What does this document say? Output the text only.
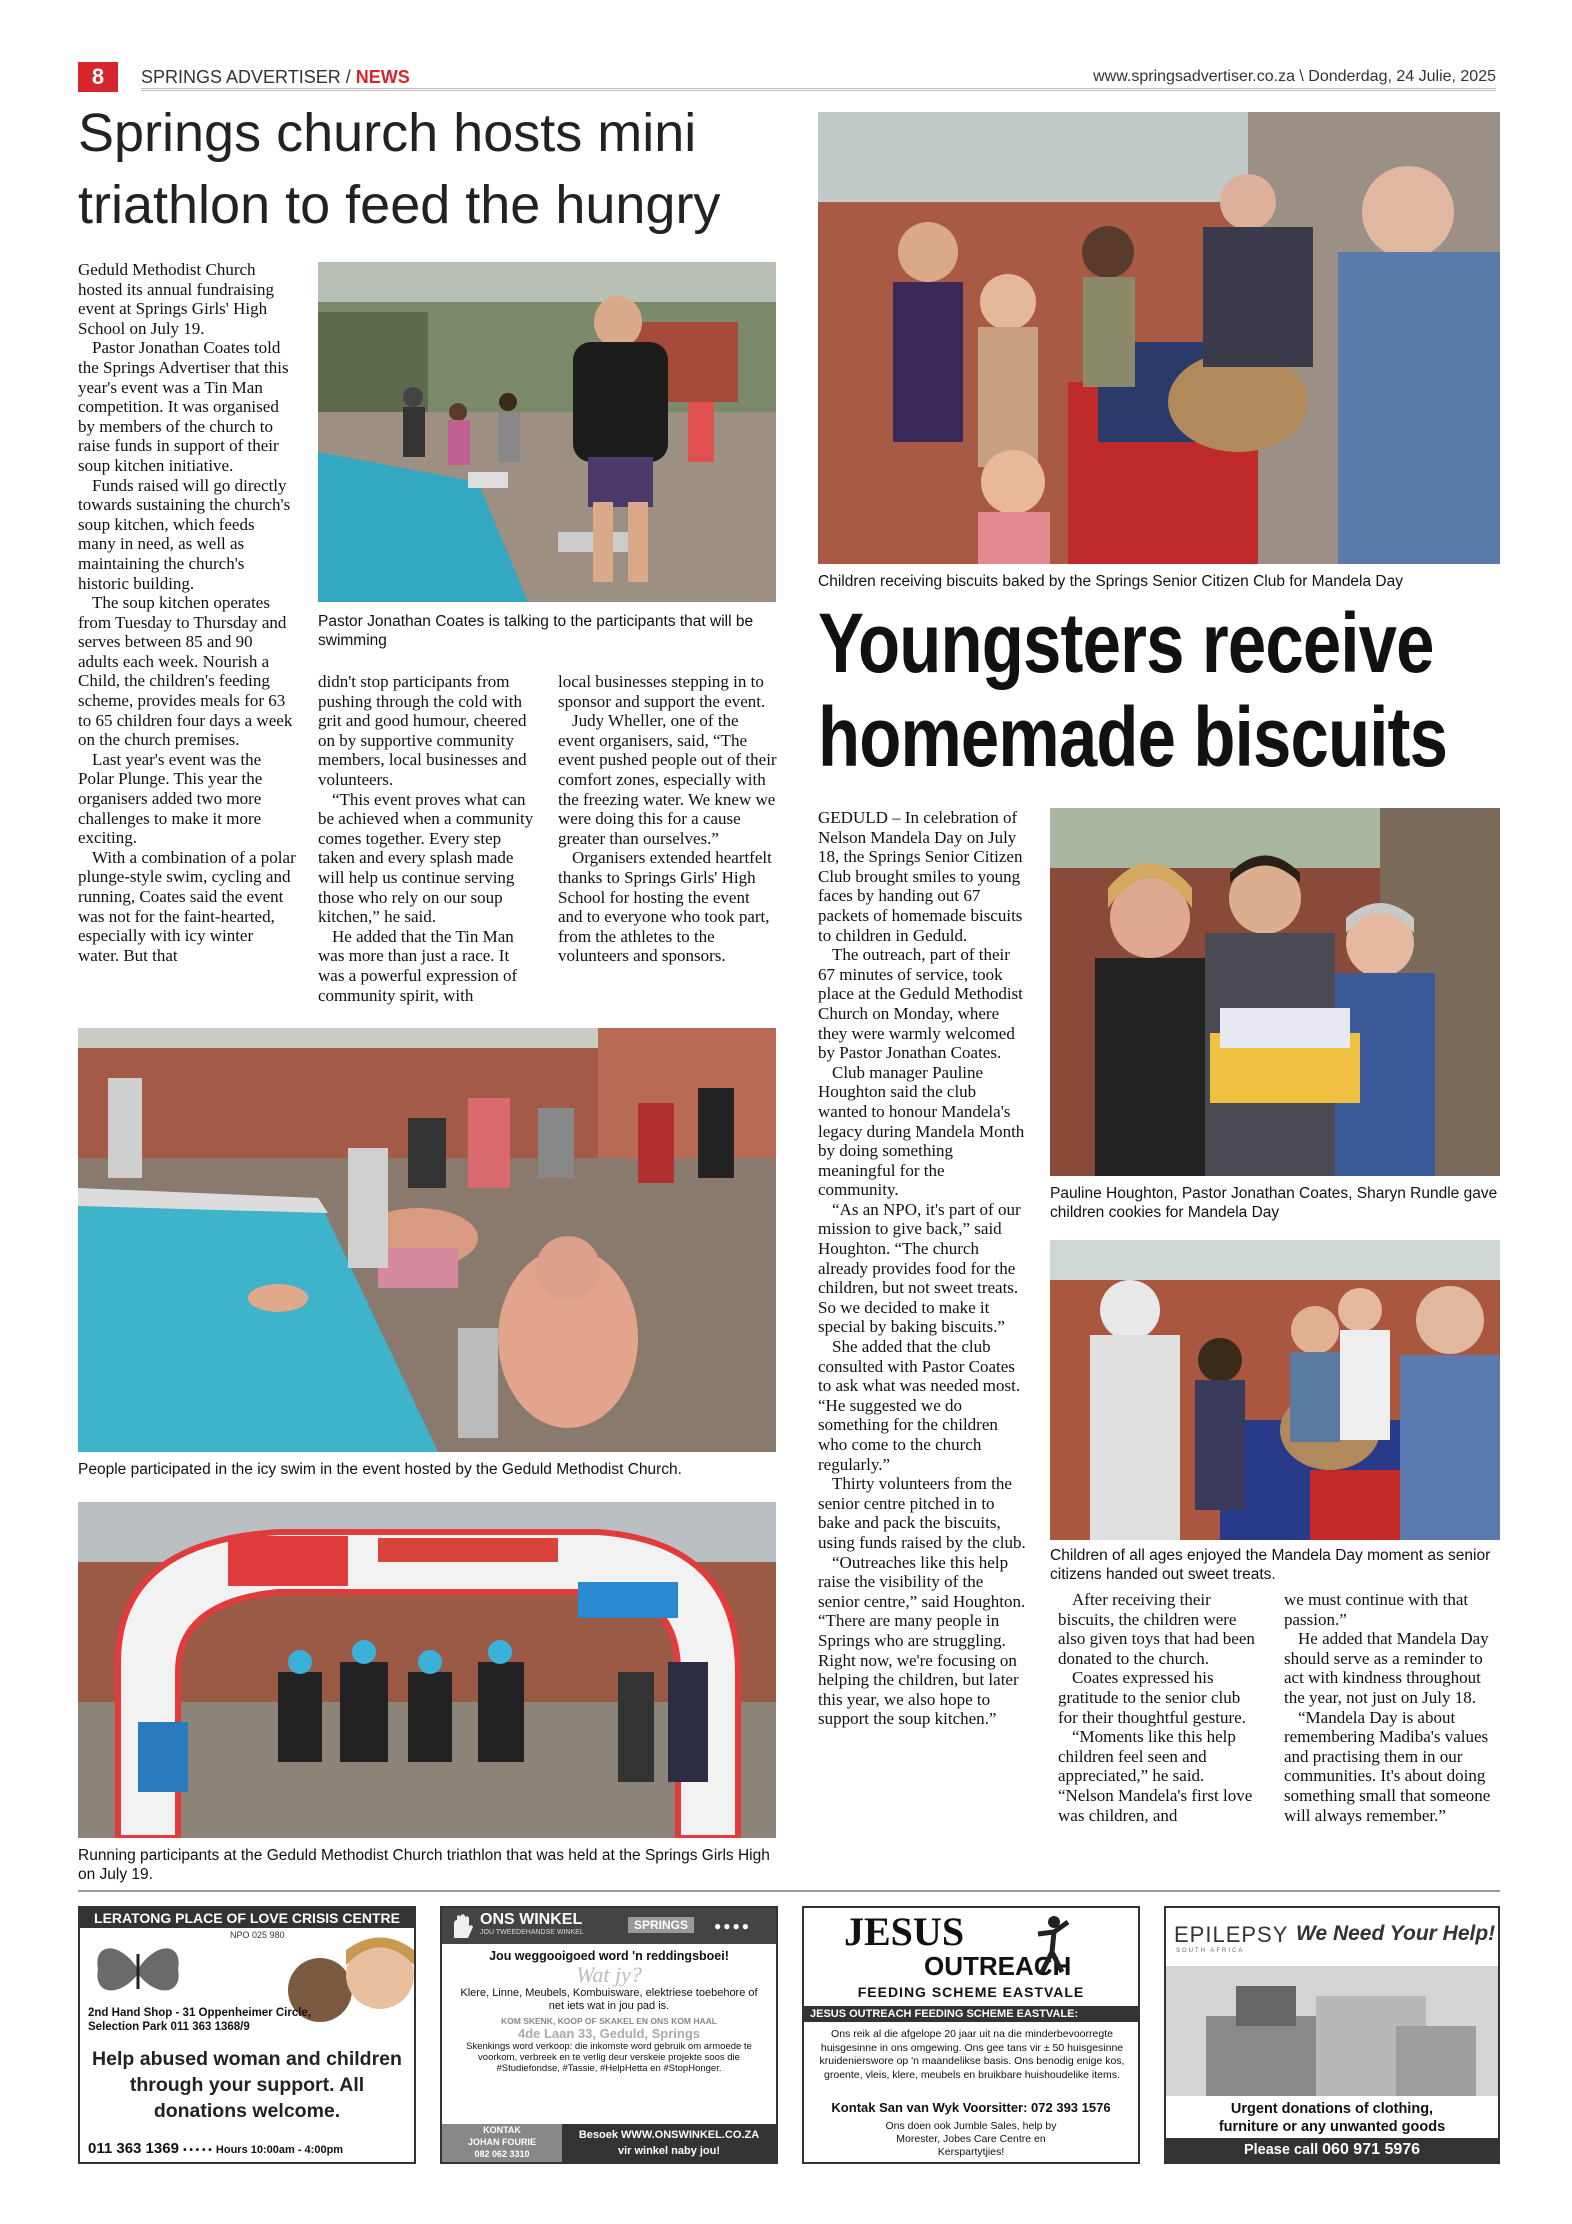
8	SPRINGS ADVERTISER / NEWS	www.springsadvertiser.co.za \ Donderdag, 24 Julie, 2025
Springs church hosts mini
triathlon to feed the hungry

Geduld Methodist Church hosted its annual fundraising event at Springs Girls' High School on July 19.

Pastor Jonathan Coates told the Springs Advertiser that this year's event was a Tin Man competition. It was organised by members of the church to raise funds in support of their soup kitchen initiative.

Funds raised will go directly towards sustaining the church's soup kitchen, which feeds many in need, as well as maintaining the church's historic building.

The soup kitchen operates from Tuesday to Thursday and serves between 85 and 90 adults each week. Nourish a Child, the children's feeding scheme, provides meals for 63 to 65 children four days a week on the church premises.

Last year's event was the Polar Plunge. This year the organisers added two more challenges to make it more exciting.

With a combination of a polar plunge-style swim, cycling and running, Coates said the event was not for the faint-hearted, especially with icy winter water. But that

Pastor Jonathan Coates is talking to the participants that will be swimming

didn't stop participants from pushing through the cold with grit and good humour, cheered on by supportive community members, local businesses and volunteers.

“This event proves what can be achieved when a community comes together. Every step taken and every splash made will help us continue serving those who rely on our soup kitchen,” he said.

He added that the Tin Man was more than just a race. It was a powerful expression of community spirit, with

local businesses stepping in to sponsor and support the event.

Judy Wheller, one of the event organisers, said, “The event pushed people out of their comfort zones, especially with the freezing water. We knew we were doing this for a cause greater than ourselves.”

Organisers extended heartfelt thanks to Springs Girls' High School for hosting the event and to everyone who took part, from the athletes to the volunteers and sponsors.

People participated in the icy swim in the event hosted by the Geduld Methodist Church.
Running participants at the Geduld Methodist Church triathlon that was held at the Springs Girls High on July 19.
Children receiving biscuits baked by the Springs Senior Citizen Club for Mandela Day
Youngsters receive
homemade biscuits

GEDULD – In celebration of Nelson Mandela Day on July 18, the Springs Senior Citizen Club brought smiles to young faces by handing out 67 packets of homemade biscuits to children in Geduld.

The outreach, part of their 67 minutes of service, took place at the Geduld Methodist Church on Monday, where they were warmly welcomed by Pastor Jonathan Coates.

Club manager Pauline Houghton said the club wanted to honour Mandela's legacy during Mandela Month by doing something meaningful for the community.

“As an NPO, it's part of our mission to give back,” said Houghton. “The church already provides food for the children, but not sweet treats. So we decided to make it special by baking biscuits.”

She added that the club consulted with Pastor Coates to ask what was needed most. “He suggested we do something for the children who come to the church regularly.”

Thirty volunteers from the senior centre pitched in to bake and pack the biscuits, using funds raised by the club.

“Outreaches like this help raise the visibility of the senior centre,” said Houghton. “There are many people in Springs who are struggling. Right now, we're focusing on helping the children, but later this year, we also hope to support the soup kitchen.”

Pauline Houghton, Pastor Jonathan Coates, Sharyn Rundle gave children cookies for Mandela Day
Children of all ages enjoyed the Mandela Day moment as senior citizens handed out sweet treats.

After receiving their biscuits, the children were also given toys that had been donated to the church.

Coates expressed his gratitude to the senior club for their thoughtful gesture.

“Moments like this help children feel seen and appreciated,” he said. “Nelson Mandela's first love was children, and

we must continue with that passion.”

He added that Mandela Day should serve as a reminder to act with kindness throughout the year, not just on July 18.

“Mandela Day is about remembering Madiba's values and practising them in our communities. It's about doing something small that someone will always remember.”

LERATONG PLACE OF LOVE CRISIS CENTRE
NPO 025 980
2nd Hand Shop - 31 Oppenheimer Circle,
Selection Park 011 363 1368/9
Help abused woman and children through your support. All donations welcome.
011 363 1369 • • • • • Hours 10:00am - 4:00pm
ONS WINKEL
JOU TWEEDEHANDSE WINKEL
SPRINGS	●●●●
Jou weggooigoed word 'n reddingsboei!
Wat jy?
Klere, Linne, Meubels, Kombuisware, elektriese toebehore of net iets wat in jou pad is.
KOM SKENK, KOOP OF SKAKEL EN ONS KOM HAAL
4de Laan 33, Geduld, Springs
Skenkings word verkoop: die inkomste word gebruik om armoede te voorkom, verbreek en te verlig deur verskeie projekte soos die
#Studiefondse, #Tassie, #HelpHetta en #StopHonger.
KONTAK
JOHAN FOURIE
082 062 3310
Besoek WWW.ONSWINKEL.CO.ZA
vir winkel naby jou!
JESUS
OUTREACH
FEEDING SCHEME EASTVALE
JESUS OUTREACH FEEDING SCHEME EASTVALE:
Ons reik al die afgelope 20 jaar uit na die minderbevoorregte huisgesinne in ons omgewing. Ons gee tans vir ± 50 huisgesinne kruidenierswore op 'n maandelikse basis. Ons benodig enige kos, groente, vleis, klere, meubels en bruikbare huishoudelike items.
Kontak San van Wyk Voorsitter: 072 393 1576
Ons doen ook Jumble Sales, help by Morester, Jobes Care Centre en Kerspartytjies!
EPILEPSY
SOUTH AFRICA
We Need Your Help!
Urgent donations of clothing,
furniture or any unwanted goods
Please call 060 971 5976
